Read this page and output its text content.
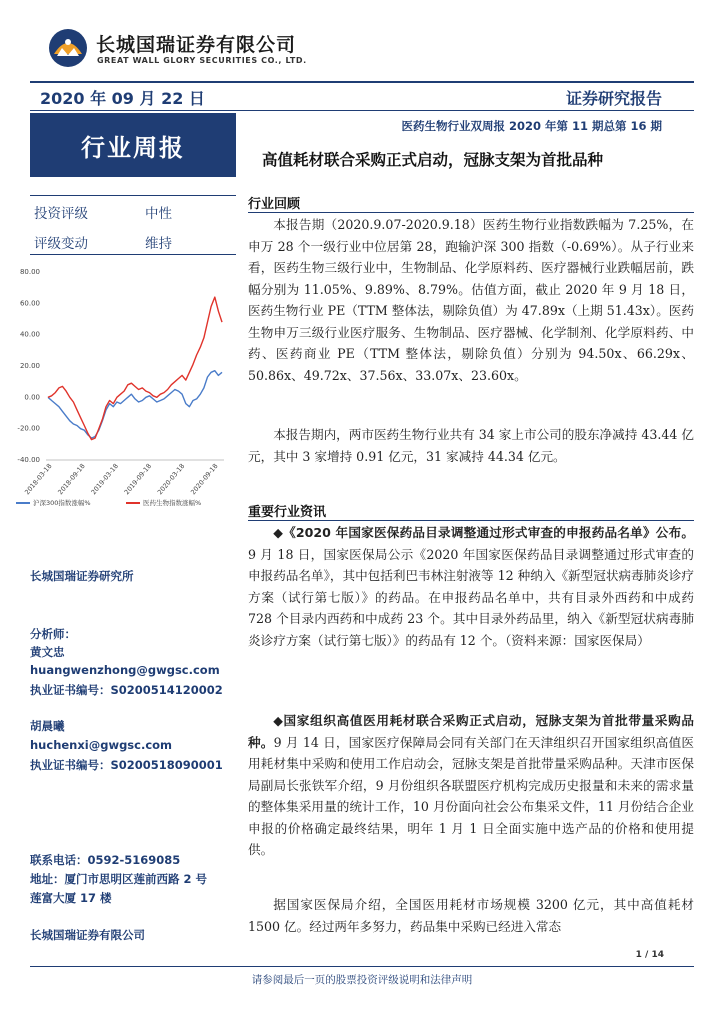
长城国瑞证券有限公司
GREAT WALL GLORY SECURITIES CO., LTD.
2020 年 09 月 22 日	证券研究报告
行业周报
医药生物行业双周报 2020 年第 11 期总第 16 期
高值耗材联合采购正式启动，冠脉支架为首批品种
投资评级	中性
评级变动	维持
80.00
60.00
40.00
20.00
0.00
-20.00
-40.00
2018-03-18 2018-09-18 2019-03-18 2019-09-18 2020-03-18 2020-09-18
沪深300指数涨幅%	医药生物指数涨幅%
长城国瑞证券研究所
分析师：
黄文忠
huangwenzhong@gwgsc.com
执业证书编号：S0200514120002
胡晨曦
huchenxi@gwgsc.com
执业证书编号：S0200518090001
联系电话：0592-5169085
地址：厦门市思明区莲前西路 2 号
莲富大厦 17 楼
长城国瑞证券有限公司
行业回顾
本报告期（2020.9.07-2020.9.18）医药生物行业指数跌幅为 7.25%，在申万 28 个一级行业中位居第 28，跑输沪深 300 指数（-0.69%）。从子行业来看，医药生物三级行业中，生物制品、化学原料药、医疗器械行业跌幅居前，跌幅分别为 11.05%、9.89%、8.79%。估值方面，截止 2020 年 9 月 18 日，医药生物行业 PE（TTM 整体法，剔除负值）为 47.89x（上期 51.43x）。医药生物申万三级行业医疗服务、生物制品、医疗器械、化学制剂、化学原料药、中药、医药商业 PE（TTM 整体法，剔除负值）分别为 94.50x、66.29x、50.86x、49.72x、37.56x、33.07x、23.60x。
本报告期内，两市医药生物行业共有 34 家上市公司的股东净减持 43.44 亿元，其中 3 家增持 0.91 亿元，31 家减持 44.34 亿元。
重要行业资讯
◆《2020 年国家医保药品目录调整通过形式审查的申报药品名单》公布。9 月 18 日，国家医保局公示《2020 年国家医保药品目录调整通过形式审查的申报药品名单》，其中包括利巴韦林注射液等 12 种纳入《新型冠状病毒肺炎诊疗方案（试行第七版）》的药品。在申报药品名单中，共有目录外西药和中成药 728 个目录内西药和中成药 23 个。其中目录外药品里，纳入《新型冠状病毒肺炎诊疗方案（试行第七版）》的药品有 12 个。（资料来源：国家医保局）
◆国家组织高值医用耗材联合采购正式启动，冠脉支架为首批带量采购品种。9 月 14 日，国家医疗保障局会同有关部门在天津组织召开国家组织高值医用耗材集中采购和使用工作启动会，冠脉支架是首批带量采购品种。天津市医保局副局长张铁军介绍，9 月份组织各联盟医疗机构完成历史报量和未来的需求量的整体集采用量的统计工作，10 月份面向社会公布集采文件，11 月份结合企业申报的价格确定最终结果，明年 1 月 1 日全面实施中选产品的价格和使用提供。
据国家医保局介绍，全国医用耗材市场规模 3200 亿元，其中高值耗材 1500 亿。经过两年多努力，药品集中采购已经进入常态
1 / 14
请参阅最后一页的股票投资评级说明和法律声明
